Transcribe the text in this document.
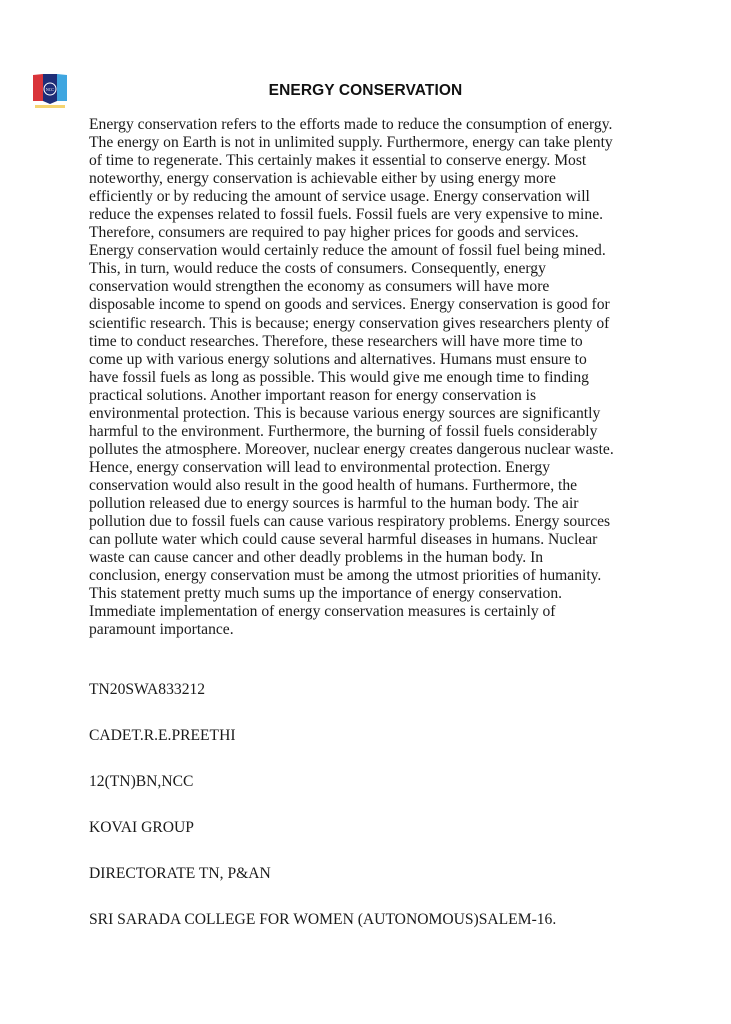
NCC	ENERGY CONSERVATION
Energy conservation refers to the efforts made to reduce the consumption of energy.
The energy on Earth is not in unlimited supply. Furthermore, energy can take plenty
of time to regenerate. This certainly makes it essential to conserve energy. Most
noteworthy, energy conservation is achievable either by using energy more
efficiently or by reducing the amount of service usage. Energy conservation will
reduce the expenses related to fossil fuels. Fossil fuels are very expensive to mine.
Therefore, consumers are required to pay higher prices for goods and services.
Energy conservation would certainly reduce the amount of fossil fuel being mined.
This, in turn, would reduce the costs of consumers. Consequently, energy
conservation would strengthen the economy as consumers will have more
disposable income to spend on goods and services. Energy conservation is good for
scientific research. This is because; energy conservation gives researchers plenty of
time to conduct researches. Therefore, these researchers will have more time to
come up with various energy solutions and alternatives. Humans must ensure to
have fossil fuels as long as possible. This would give me enough time to finding
practical solutions. Another important reason for energy conservation is
environmental protection. This is because various energy sources are significantly
harmful to the environment. Furthermore, the burning of fossil fuels considerably
pollutes the atmosphere. Moreover, nuclear energy creates dangerous nuclear waste.
Hence, energy conservation will lead to environmental protection. Energy
conservation would also result in the good health of humans. Furthermore, the
pollution released due to energy sources is harmful to the human body. The air
pollution due to fossil fuels can cause various respiratory problems. Energy sources
can pollute water which could cause several harmful diseases in humans. Nuclear
waste can cause cancer and other deadly problems in the human body. In
conclusion, energy conservation must be among the utmost priorities of humanity.
This statement pretty much sums up the importance of energy conservation.
Immediate implementation of energy conservation measures is certainly of
paramount importance.
TN20SWA833212
CADET.R.E.PREETHI
12(TN)BN,NCC
KOVAI GROUP
DIRECTORATE TN, P&AN
SRI SARADA COLLEGE FOR WOMEN (AUTONOMOUS)SALEM-16.
